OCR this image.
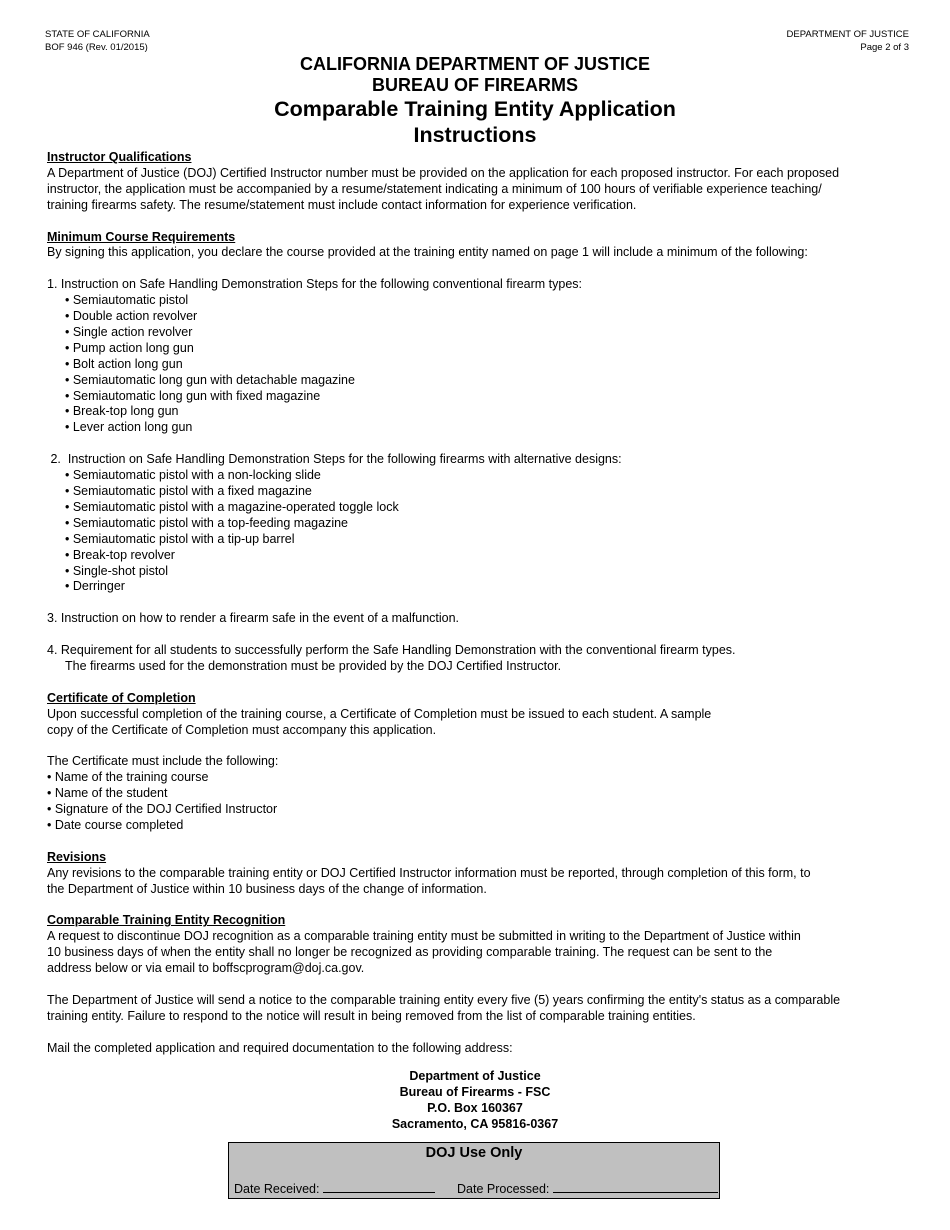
STATE OF CALIFORNIA
BOF 946 (Rev. 01/2015)
DEPARTMENT OF JUSTICE
Page 2 of 3
CALIFORNIA DEPARTMENT OF JUSTICE
BUREAU OF FIREARMS
Comparable Training Entity Application
Instructions

Instructor Qualifications

A Department of Justice (DOJ) Certified Instructor number must be provided on the application for each proposed instructor. For each proposed

instructor, the application must be accompanied by a resume/statement indicating a minimum of 100 hours of verifiable experience teaching/

training firearms safety. The resume/statement must include contact information for experience verification.

Minimum Course Requirements

By signing this application, you declare the course provided at the training entity named on page 1 will include a minimum of the following:

1. Instruction on Safe Handling Demonstration Steps for the following conventional firearm types:

• Semiautomatic pistol

• Double action revolver

• Single action revolver

• Pump action long gun

• Bolt action long gun

• Semiautomatic long gun with detachable magazine

• Semiautomatic long gun with fixed magazine

• Break-top long gun

• Lever action long gun

2.  Instruction on Safe Handling Demonstration Steps for the following firearms with alternative designs:

• Semiautomatic pistol with a non-locking slide

• Semiautomatic pistol with a fixed magazine

• Semiautomatic pistol with a magazine-operated toggle lock

• Semiautomatic pistol with a top-feeding magazine

• Semiautomatic pistol with a tip-up barrel

• Break-top revolver

• Single-shot pistol

• Derringer

3. Instruction on how to render a firearm safe in the event of a malfunction.

4. Requirement for all students to successfully perform the Safe Handling Demonstration with the conventional firearm types.

The firearms used for the demonstration must be provided by the DOJ Certified Instructor.

Certificate of Completion

Upon successful completion of the training course, a Certificate of Completion must be issued to each student. A sample

copy of the Certificate of Completion must accompany this application.

The Certificate must include the following:

• Name of the training course

• Name of the student

• Signature of the DOJ Certified Instructor

• Date course completed

Revisions

Any revisions to the comparable training entity or DOJ Certified Instructor information must be reported, through completion of this form, to

the Department of Justice within 10 business days of the change of information.

Comparable Training Entity Recognition

A request to discontinue DOJ recognition as a comparable training entity must be submitted in writing to the Department of Justice within

10 business days of when the entity shall no longer be recognized as providing comparable training. The request can be sent to the

address below or via email to boffscprogram@doj.ca.gov.

The Department of Justice will send a notice to the comparable training entity every five (5) years confirming the entity's status as a comparable

training entity. Failure to respond to the notice will result in being removed from the list of comparable training entities.

Mail the completed application and required documentation to the following address:

Department of Justice
Bureau of Firearms - FSC
P.O. Box 160367
Sacramento, CA 95816-0367
DOJ Use Only
Date Received:	Date Processed:
